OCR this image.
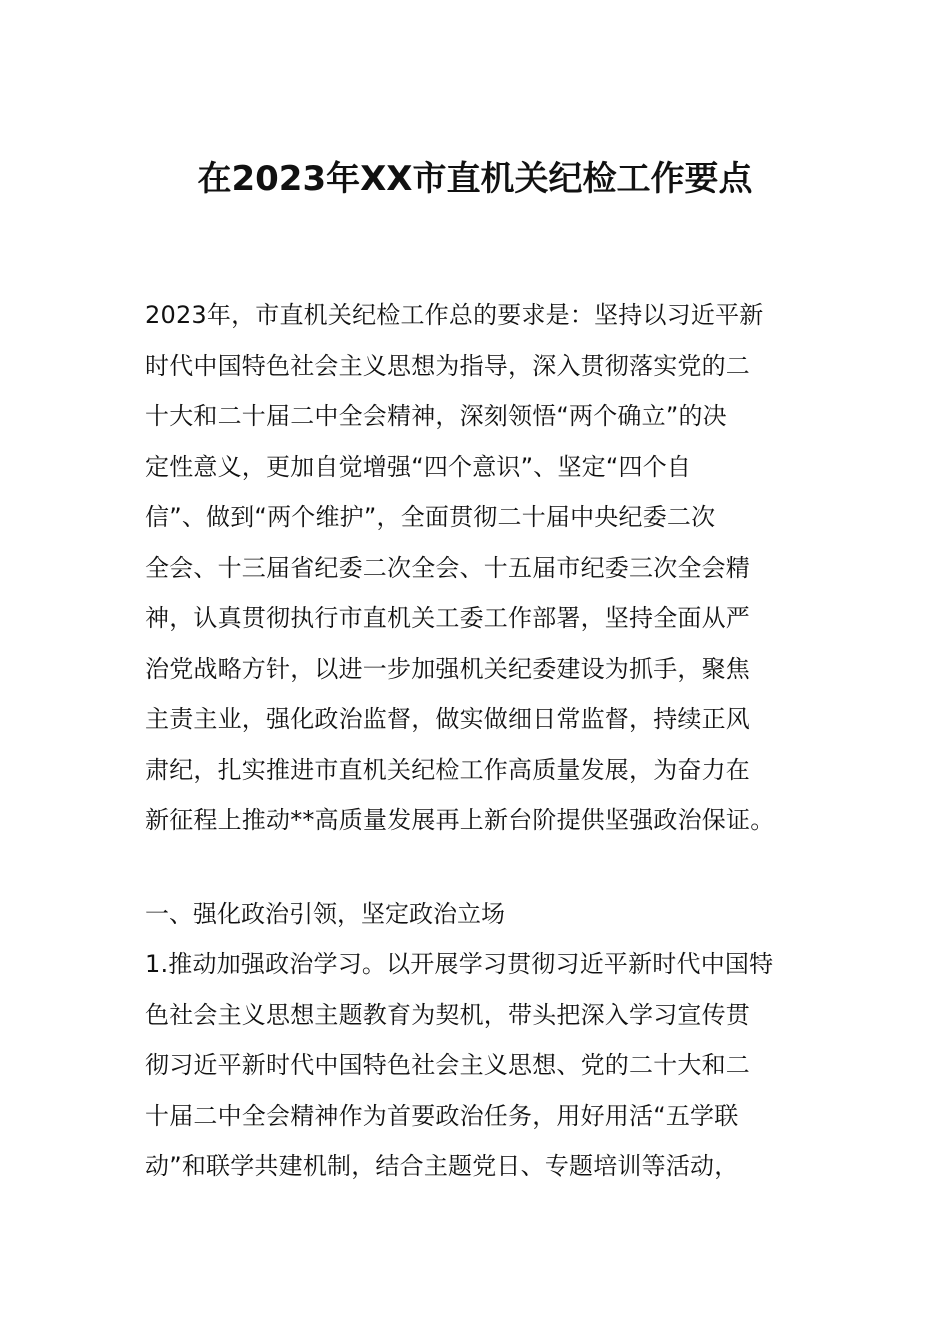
在2023年XX市直机关纪检工作要点
2023年，市直机关纪检工作总的要求是：坚持以习近平新
时代中国特色社会主义思想为指导，深入贯彻落实党的二
十大和二十届二中全会精神，深刻领悟“两个确立”的决
定性意义，更加自觉增强“四个意识”、坚定“四个自
信”、做到“两个维护”，全面贯彻二十届中央纪委二次
全会、十三届省纪委二次全会、十五届市纪委三次全会精
神，认真贯彻执行市直机关工委工作部署，坚持全面从严
治党战略方针，以进一步加强机关纪委建设为抓手，聚焦
主责主业，强化政治监督，做实做细日常监督，持续正风
肃纪，扎实推进市直机关纪检工作高质量发展，为奋力在
新征程上推动**高质量发展再上新台阶提供坚强政治保证。
一、强化政治引领，坚定政治立场
1.推动加强政治学习。以开展学习贯彻习近平新时代中国特
色社会主义思想主题教育为契机，带头把深入学习宣传贯
彻习近平新时代中国特色社会主义思想、党的二十大和二
十届二中全会精神作为首要政治任务，用好用活“五学联
动”和联学共建机制，结合主题党日、专题培训等活动，
